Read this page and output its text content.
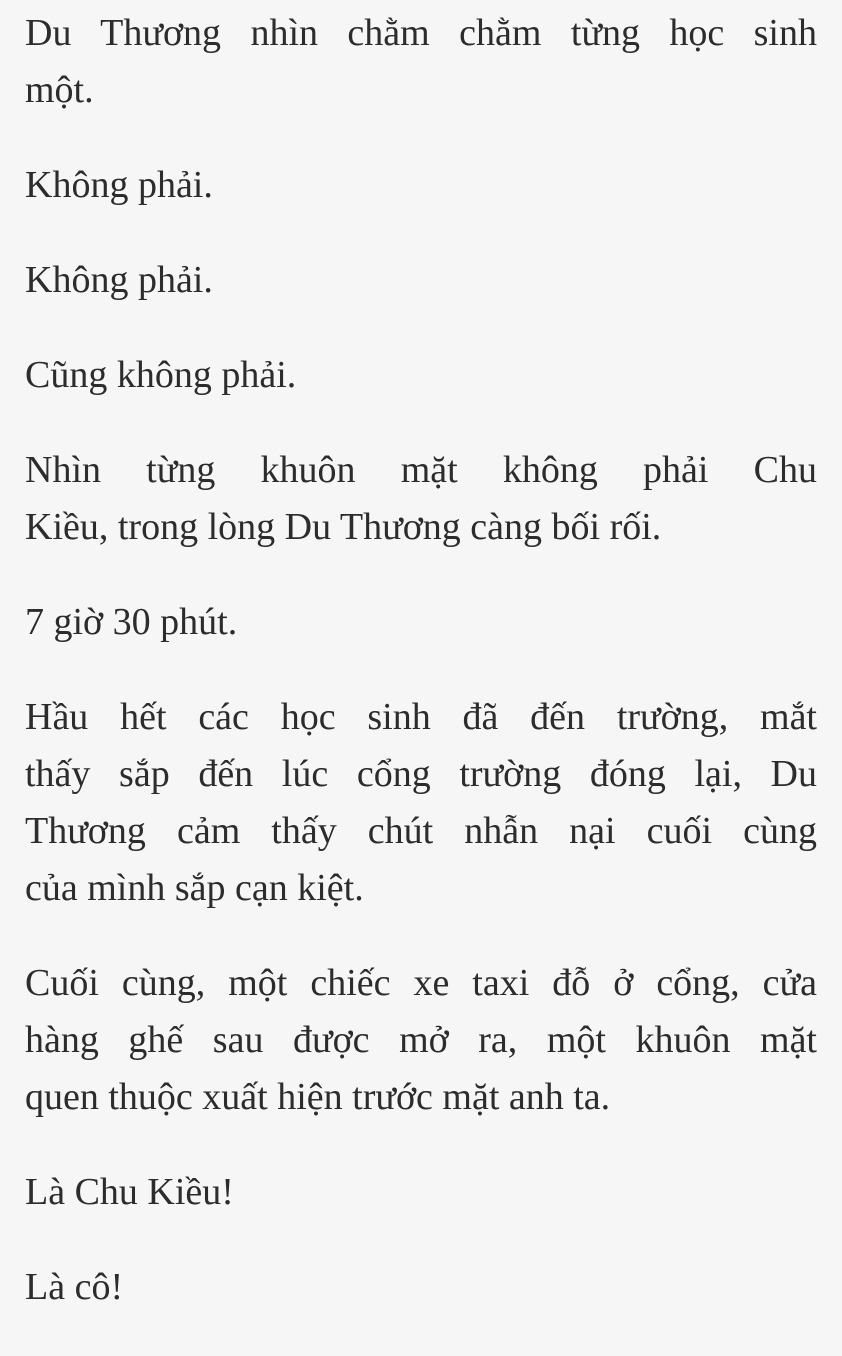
Du Thương nhìn chằm chằm từng học sinh
một.
Không phải.
Không phải.
Cũng không phải.
Nhìn từng khuôn mặt không phải Chu
Kiều, trong lòng Du Thương càng bối rối.
7 giờ 30 phút.
Hầu hết các học sinh đã đến trường, mắt
thấy sắp đến lúc cổng trường đóng lại, Du
Thương cảm thấy chút nhẫn nại cuối cùng
của mình sắp cạn kiệt.
Cuối cùng, một chiếc xe taxi đỗ ở cổng, cửa
hàng ghế sau được mở ra, một khuôn mặt
quen thuộc xuất hiện trước mặt anh ta.
Là Chu Kiều!
Là cô!
